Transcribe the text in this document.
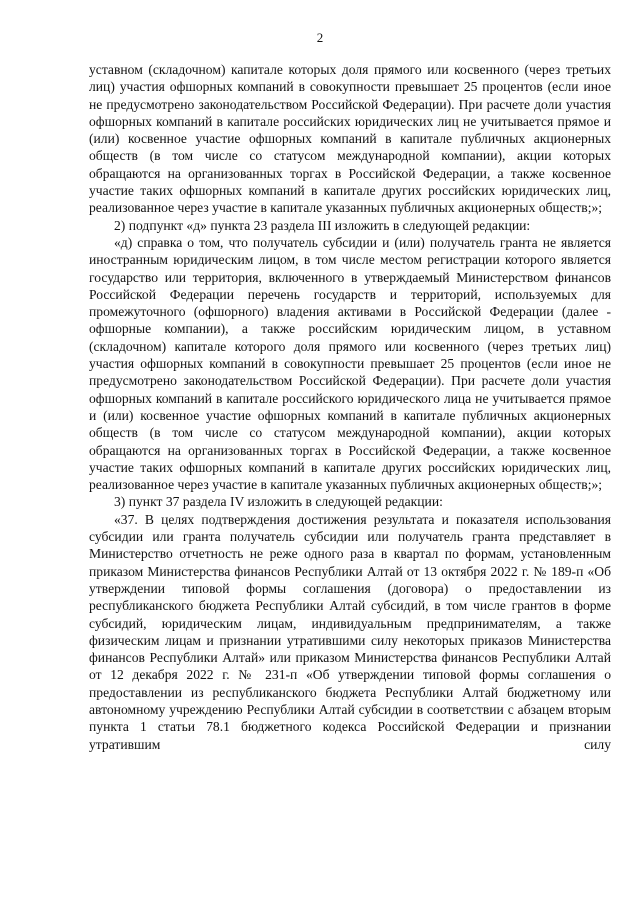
2

уставном (складочном) капитале которых доля прямого или косвенного (через третьих лиц) участия офшорных компаний в совокупности превышает 25 процентов (если иное не предусмотрено законодательством Российской Федерации). При расчете доли участия офшорных компаний в капитале российских юридических лиц не учитывается прямое и (или) косвенное участие офшорных компаний в капитале публичных акционерных обществ (в том числе со статусом международной компании), акции которых обращаются на организованных торгах в Российской Федерации, а также косвенное участие таких офшорных компаний в капитале других российских юридических лиц, реализованное через участие в капитале указанных публичных акционерных обществ;»;

2) подпункт «д» пункта 23 раздела III изложить в следующей редакции:

«д) справка о том, что получатель субсидии и (или) получатель гранта не является иностранным юридическим лицом, в том числе местом регистрации которого является государство или территория, включенного в утверждаемый Министерством финансов Российской Федерации перечень государств и территорий, используемых для промежуточного (офшорного) владения активами в Российской Федерации (далее - офшорные компании), а также российским юридическим лицом, в уставном (складочном) капитале которого доля прямого или косвенного (через третьих лиц) участия офшорных компаний в совокупности превышает 25 процентов (если иное не предусмотрено законодательством Российской Федерации). При расчете доли участия офшорных компаний в капитале российского юридического лица не учитывается прямое и (или) косвенное участие офшорных компаний в капитале публичных акционерных обществ (в том числе со статусом международной компании), акции которых обращаются на организованных торгах в Российской Федерации, а также косвенное участие таких офшорных компаний в капитале других российских юридических лиц, реализованное через участие в капитале указанных публичных акционерных обществ;»;

3) пункт 37 раздела IV изложить в следующей редакции:

«37. В целях подтверждения достижения результата и показателя использования субсидии или гранта получатель субсидии или получатель гранта представляет в Министерство отчетность не реже одного раза в квартал по формам, установленным приказом Министерства финансов Республики Алтай от 13 октября 2022 г. № 189-п «Об утверждении типовой формы соглашения (договора) о предоставлении из республиканского бюджета Республики Алтай субсидий, в том числе грантов в форме субсидий, юридическим лицам, индивидуальным предпринимателям, а также физическим лицам и признании утратившими силу некоторых приказов Министерства финансов Республики Алтай» или приказом Министерства финансов Республики Алтай от 12 декабря 2022 г. № 231-п «Об утверждении типовой формы соглашения о предоставлении из республиканского бюджета Республики Алтай бюджетному или автономному учреждению Республики Алтай субсидии в соответствии с абзацем вторым пункта 1 статьи 78.1 бюджетного кодекса Российской Федерации и признании утратившим силу
